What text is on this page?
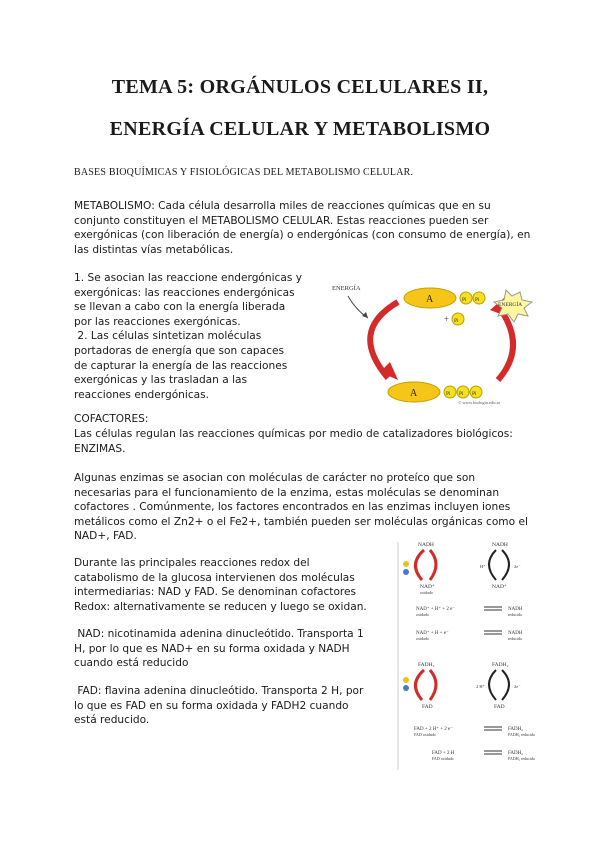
TEMA 5: ORGÁNULOS CELULARES II,
ENERGÍA CELULAR Y METABOLISMO
BASES BIOQUÍMICAS Y FISIOLÓGICAS DEL METABOLISMO CELULAR.

METABOLISMO: Cada célula desarrolla miles de reacciones químicas que en su conjunto constituyen el METABOLISMO CELULAR. Estas reacciones pueden ser exergónicas (con liberación de energía) o endergónicas (con consumo de energía), en las distintas vías metabólicas.

1. Se asocian las reaccione endergónicas y
exergónicas: las reacciones endergónicas
se llevan a cabo con la energía liberada
por las reacciones exergónicas.
2. Las células sintetizan moléculas
portadoras de energía que son capaces
de capturar la energía de las reacciones
exergónicas y las trasladan a las
reacciones endergónicas.
ENERGÍA
A	Pi Pi
+ Pi
ENERGÍA
A	Pi Pi Pi
© www.biologia.edu.ar
COFACTORES:

Las células regulan las reacciones químicas por medio de catalizadores biológicos: ENZIMAS.

Algunas enzimas se asocian con moléculas de carácter no proteíco que son necesarias para el funcionamiento de la enzima, estas moléculas se denominan cofactores . Comúnmente, los factores encontrados en las enzimas incluyen iones metálicos como el Zn2+ o el Fe2+, también pueden ser moléculas orgánicas como el NAD+, FAD.

Durante las principales reacciones redox del
catabolismo de la glucosa intervienen dos moléculas
intermediarias: NAD y FAD. Se denominan cofactores
Redox: alternativamente se reducen y luego se oxidan.
NAD: nicotinamida adenina dinucleótido. Transporta 1
H, por lo que es NAD+ en su forma oxidada y NADH
cuando está reducido
FAD: flavina adenina dinucleótido. Transporta 2 H, por
lo que es FAD en su forma oxidada y FADH2 cuando
está reducido.
NADH
NAD⁺
oxidado
NADH
H⁺	2e⁻
NAD⁺
NAD⁺ + H⁺ + 2 e⁻	NADH
oxidado	reducido
NAD⁺ + H + e⁻	NADH
oxidado	reducido
FADH₂
FAD
FADH₂
2 H⁺	2e⁻
FAD
FAD + 2 H⁺ + 2 e⁻	FADH₂
FAD oxidado	FADH₂ reducido
FAD + 2 H	FADH₂
FAD oxidado	FADH₂ reducido
